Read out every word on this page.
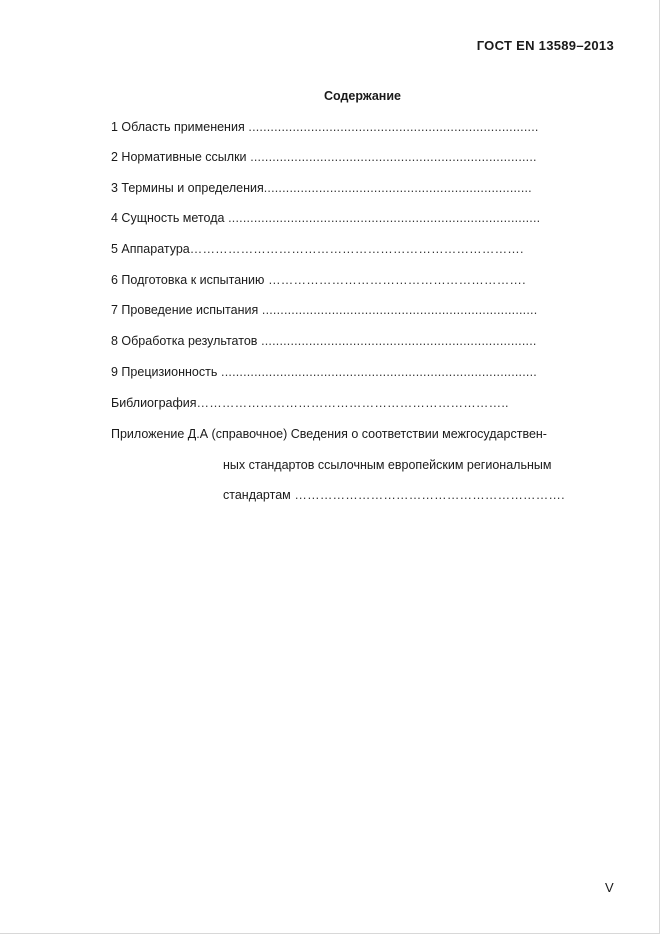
ГОСТ EN 13589–2013
Содержание
1 Область применения ...............................................................................
2 Нормативные ссылки ..............................................................................
3 Термины и определения.........................................................................
4 Сущность метода .....................................................................................
5 Аппаратура…………………………………………………………………….
6 Подготовка к испытанию …………………………………………………….
7 Проведение испытания ...........................................................................
8 Обработка результатов ...........................................................................
9 Прецизионность ......................................................................................
Библиография………………………………………………………………..
Приложение Д.А (справочное) Сведения о соответствии межгосударствен-
ных стандартов ссылочным европейским региональным
стандартам ……………………………………………………….
V
